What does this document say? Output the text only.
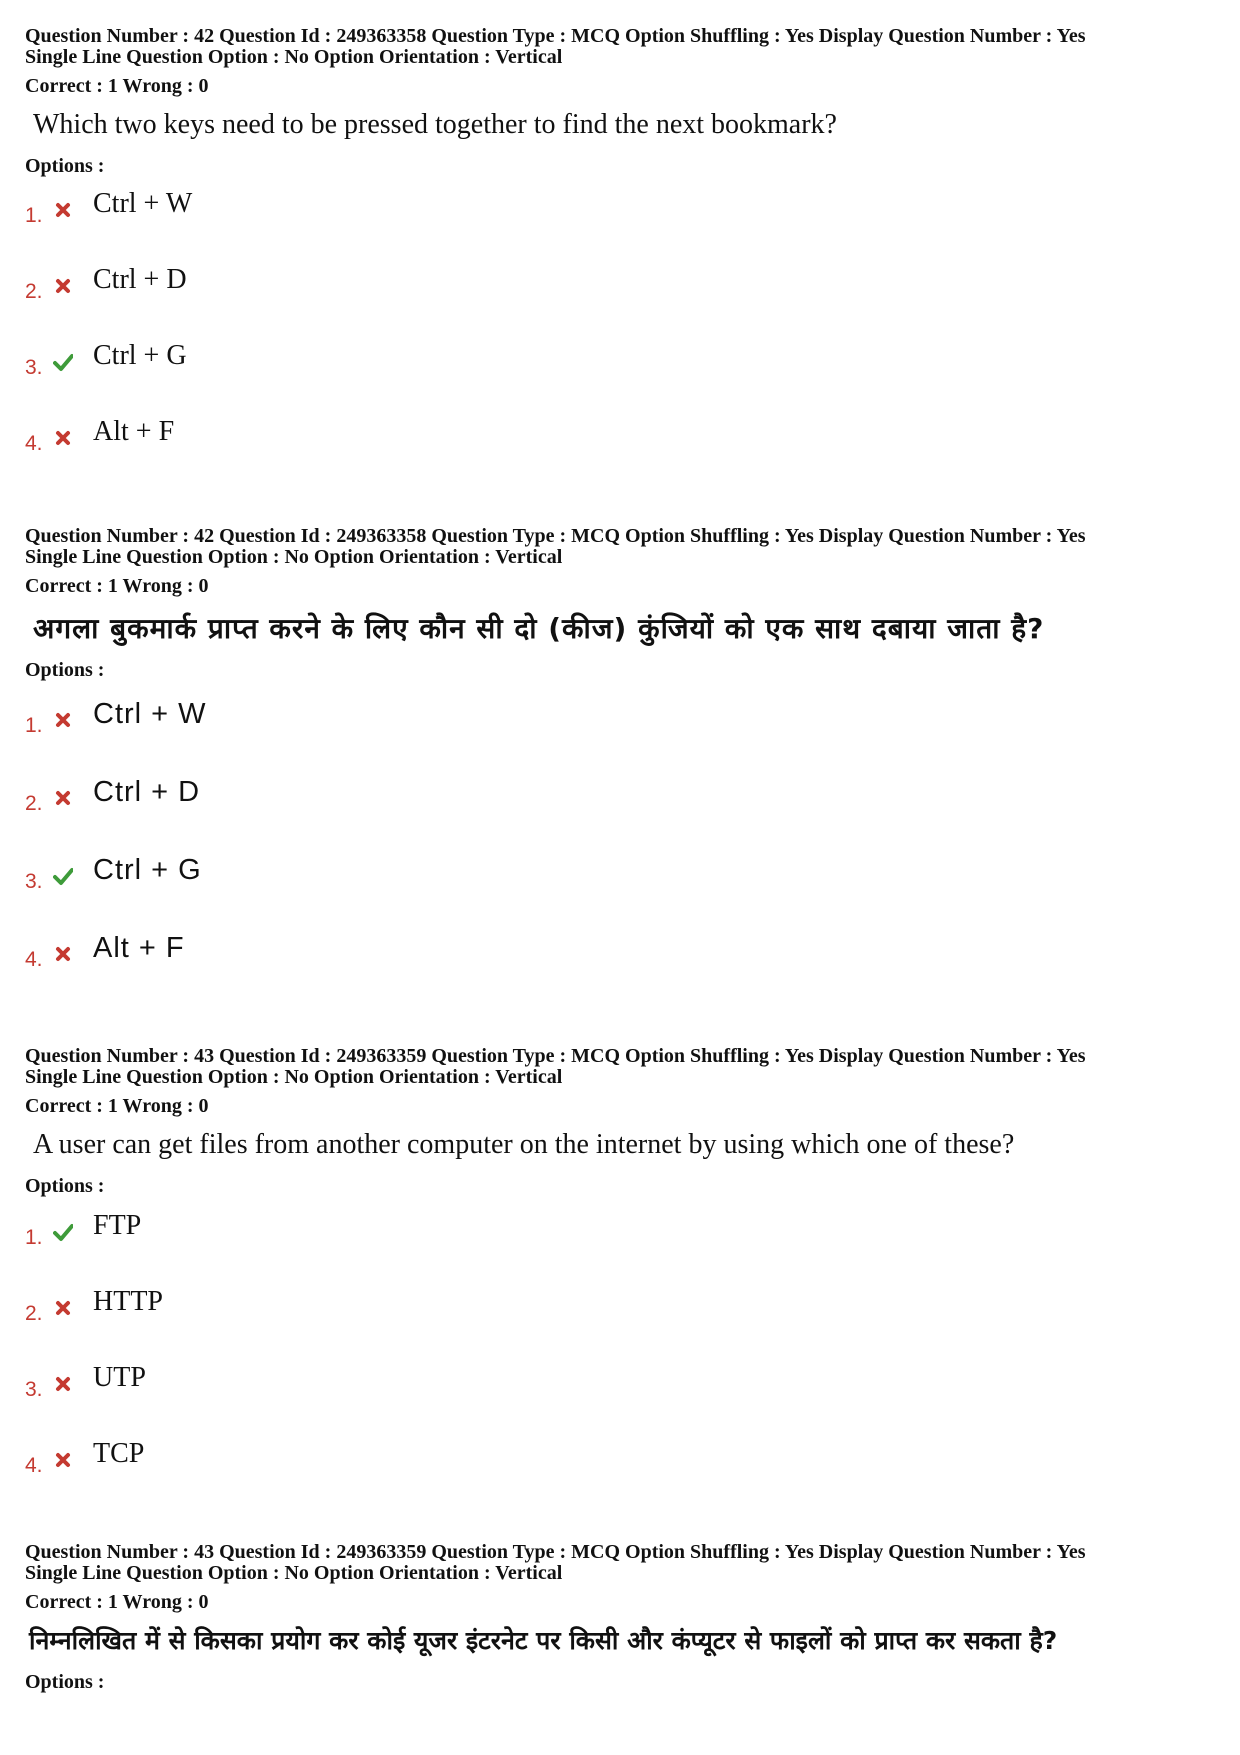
Question Number : 42 Question Id : 249363358 Question Type : MCQ Option Shuffling : Yes Display Question Number : Yes

Single Line Question Option : No Option Orientation : Vertical

Correct : 1 Wrong : 0

Which two keys need to be pressed together to find the next bookmark?

Options :

1. Ctrl + W
2. Ctrl + D
3. Ctrl + G
4. Alt + F

Question Number : 42 Question Id : 249363358 Question Type : MCQ Option Shuffling : Yes Display Question Number : Yes

Single Line Question Option : No Option Orientation : Vertical

Correct : 1 Wrong : 0

अगला बुकमार्क प्राप्त करने के लिए कौन सी दो (कीज) कुंजियों को एक साथ दबाया जाता है?

Options :

1. Ctrl + W
2. Ctrl + D
3. Ctrl + G
4. Alt + F

Question Number : 43 Question Id : 249363359 Question Type : MCQ Option Shuffling : Yes Display Question Number : Yes

Single Line Question Option : No Option Orientation : Vertical

Correct : 1 Wrong : 0

A user can get files from another computer on the internet by using which one of these?

Options :

1. FTP
2. HTTP
3. UTP
4. TCP

Question Number : 43 Question Id : 249363359 Question Type : MCQ Option Shuffling : Yes Display Question Number : Yes

Single Line Question Option : No Option Orientation : Vertical

Correct : 1 Wrong : 0

निम्नलिखित में से किसका प्रयोग कर कोई यूजर इंटरनेट पर किसी और कंप्यूटर से फाइलों को प्राप्त कर सकता है?

Options :
